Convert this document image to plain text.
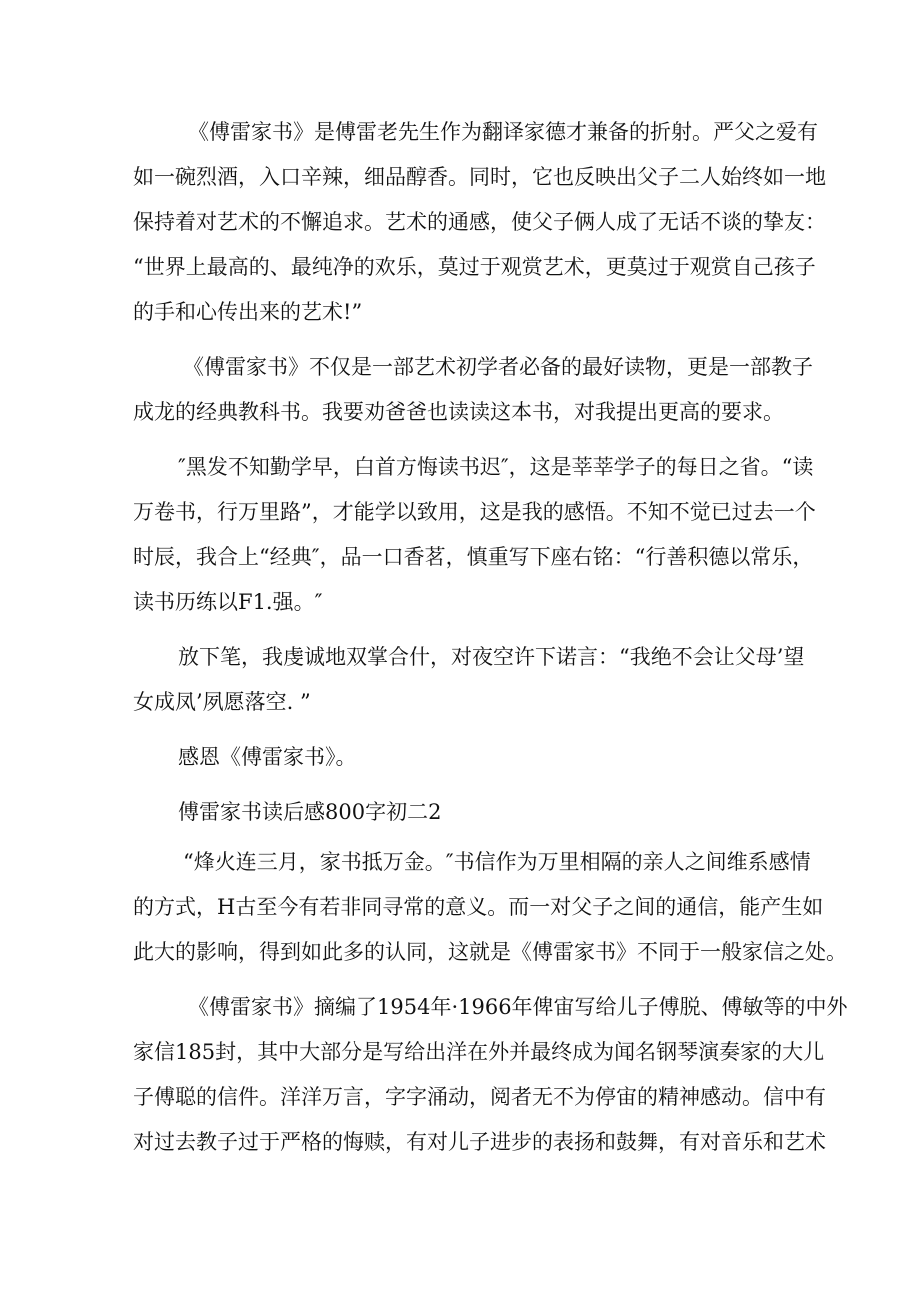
《傅雷家书》是傅雷老先生作为翻译家德才兼备的折射。严父之爱有

如一碗烈酒，入口辛辣，细品醇香。同时，它也反映出父子二人始终如一地

保持着对艺术的不懈追求。艺术的通感，使父子俩人成了无话不谈的挚友：

“世界上最高的、最纯净的欢乐，莫过于观赏艺术，更莫过于观赏自己孩子

的手和心传出来的艺术!”

《傅雷家书》不仅是一部艺术初学者必备的最好读物，更是一部教子

成龙的经典教科书。我要劝爸爸也读读这本书，对我提出更高的要求。

″黑发不知勤学早，白首方悔读书迟″，这是莘莘学子的每日之省。“读

万卷书，行万里路”，才能学以致用，这是我的感悟。不知不觉已过去一个

时辰，我合上“经典″，品一口香茗，慎重写下座右铭：“行善积德以常乐，

读书历练以F1.强。″

放下笔，我虔诚地双掌合什，对夜空许下诺言：“我绝不会让父母’望

女成凤’夙愿落空. ”

感恩《傅雷家书》。

傅雷家书读后感800字初二2

“烽火连三月，家书抵万金。″书信作为万里相隔的亲人之间维系感情

的方式，H古至今有若非同寻常的意义。而一对父子之间的通信，能产生如

此大的影响，得到如此多的认同，这就是《傅雷家书》不同于一般家信之处。

《傅雷家书》摘编了1954年·1966年俾宙写给儿子傅脱、傅敏等的中外

家信185封，其中大部分是写给出洋在外并最终成为闻名钢琴演奏家的大儿

子傅聪的信件。洋洋万言，字字涌动，阅者无不为停宙的精神感动。信中有

对过去教子过于严格的悔赎，有对儿子进步的表扬和鼓舞，有对音乐和艺术
